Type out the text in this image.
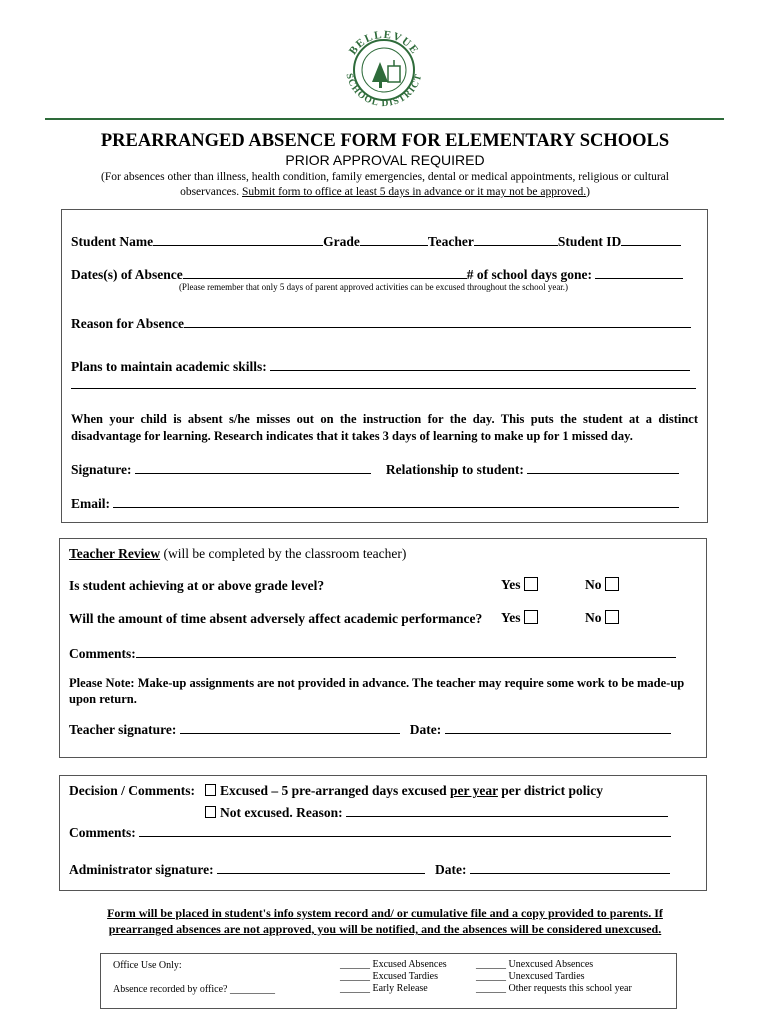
BELLEVUE
SCHOOL DISTRICT
PREARRANGED ABSENCE FORM FOR ELEMENTARY SCHOOLS
PRIOR APPROVAL REQUIRED
(For absences other than illness, health condition, family emergencies, dental or medical appointments, religious or cultural
observances. Submit form to office at least 5 days in advance or it may not be approved.)
Student Name	Grade	Teacher	Student ID
Dates(s) of Absence	# of school days gone:
(Please remember that only 5 days of parent approved activities can be excused throughout the school year.)
Reason for Absence
Plans to maintain academic skills:
When your child is absent s/he misses out on the instruction for the day. This puts the student at a distinct disadvantage for learning. Research indicates that it takes 3 days of learning to make up for 1 missed day.
Signature:	Relationship to student:
Email:
Teacher Review (will be completed by the classroom teacher)
Is student achieving at or above grade level?	Yes	No
Will the amount of time absent adversely affect academic performance? Yes	No
Comments:
Please Note: Make-up assignments are not provided in advance. The teacher may require some work to be made-up upon return.
Teacher signature:	Date:
Decision / Comments:	Excused – 5 pre-arranged days excused per year per district policy
Not excused. Reason:
Comments:
Administrator signature:	Date:
Form will be placed in student's info system record and/ or cumulative file and a copy provided to parents. If prearranged absences are not approved, you will be notified, and the absences will be considered unexcused.
Office Use Only:
Absence recorded by office? _________
______ Excused Absences
______ Excused Tardies
______ Early Release
______ Unexcused Absences
______ Unexcused Tardies
______ Other requests this school year
